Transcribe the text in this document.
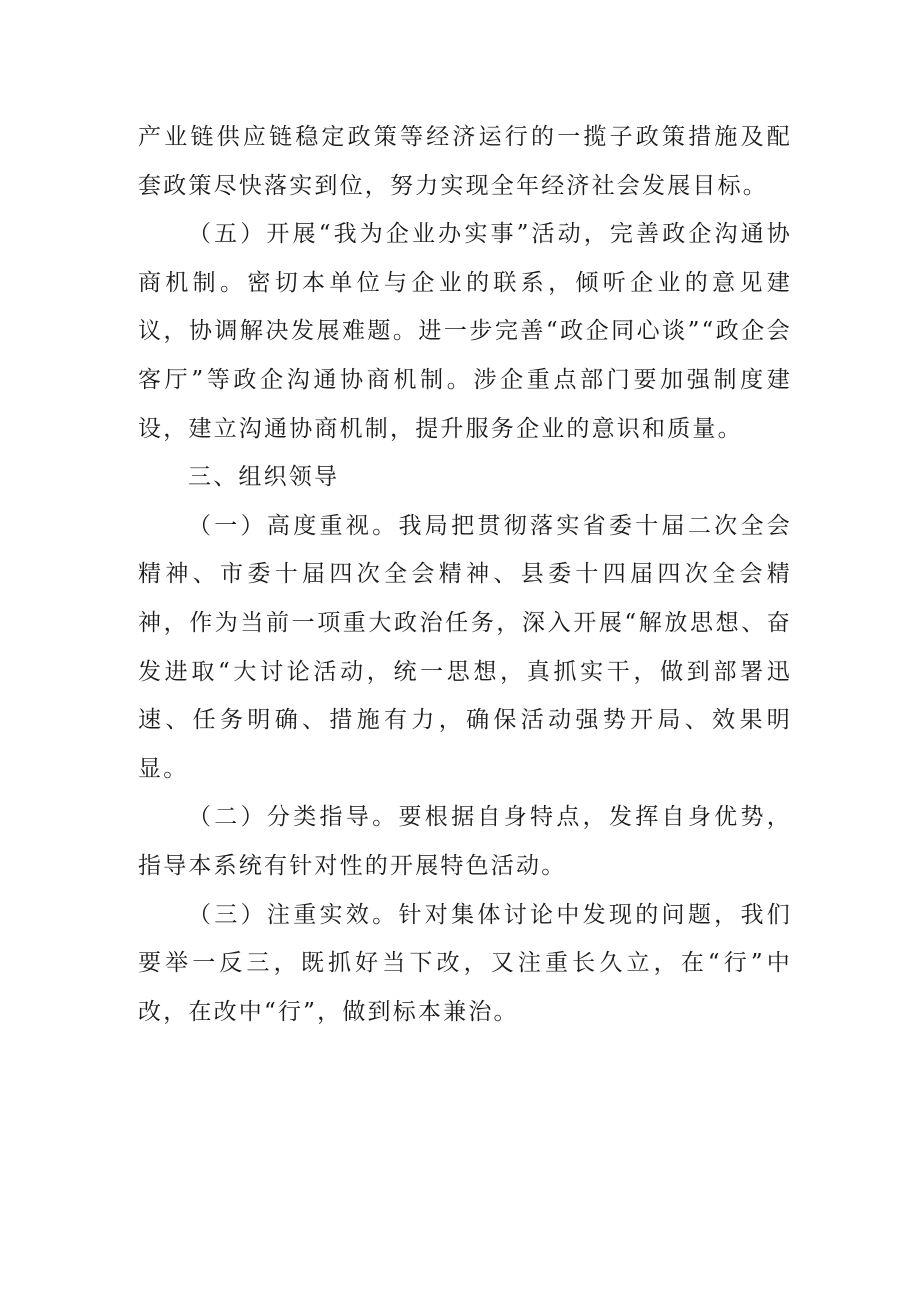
产业链供应链稳定政策等经济运行的一揽子政策措施及配套政策尽快落实到位，努力实现全年经济社会发展目标。

（五）开展“我为企业办实事”活动，完善政企沟通协商机制。密切本单位与企业的联系，倾听企业的意见建议，协调解决发展难题。进一步完善“政企同心谈”“政企会客厅”等政企沟通协商机制。涉企重点部门要加强制度建设，建立沟通协商机制，提升服务企业的意识和质量。

三、组织领导

（一）高度重视。我局把贯彻落实省委十届二次全会精神、市委十届四次全会精神、县委十四届四次全会精神，作为当前一项重大政治任务，深入开展“解放思想、奋发进取“大讨论活动，统一思想，真抓实干，做到部署迅速、任务明确、措施有力，确保活动强势开局、效果明显。

（二）分类指导。要根据自身特点，发挥自身优势，指导本系统有针对性的开展特色活动。

（三）注重实效。针对集体讨论中发现的问题，我们要举一反三，既抓好当下改，又注重长久立，在“行”中改，在改中“行”，做到标本兼治。
